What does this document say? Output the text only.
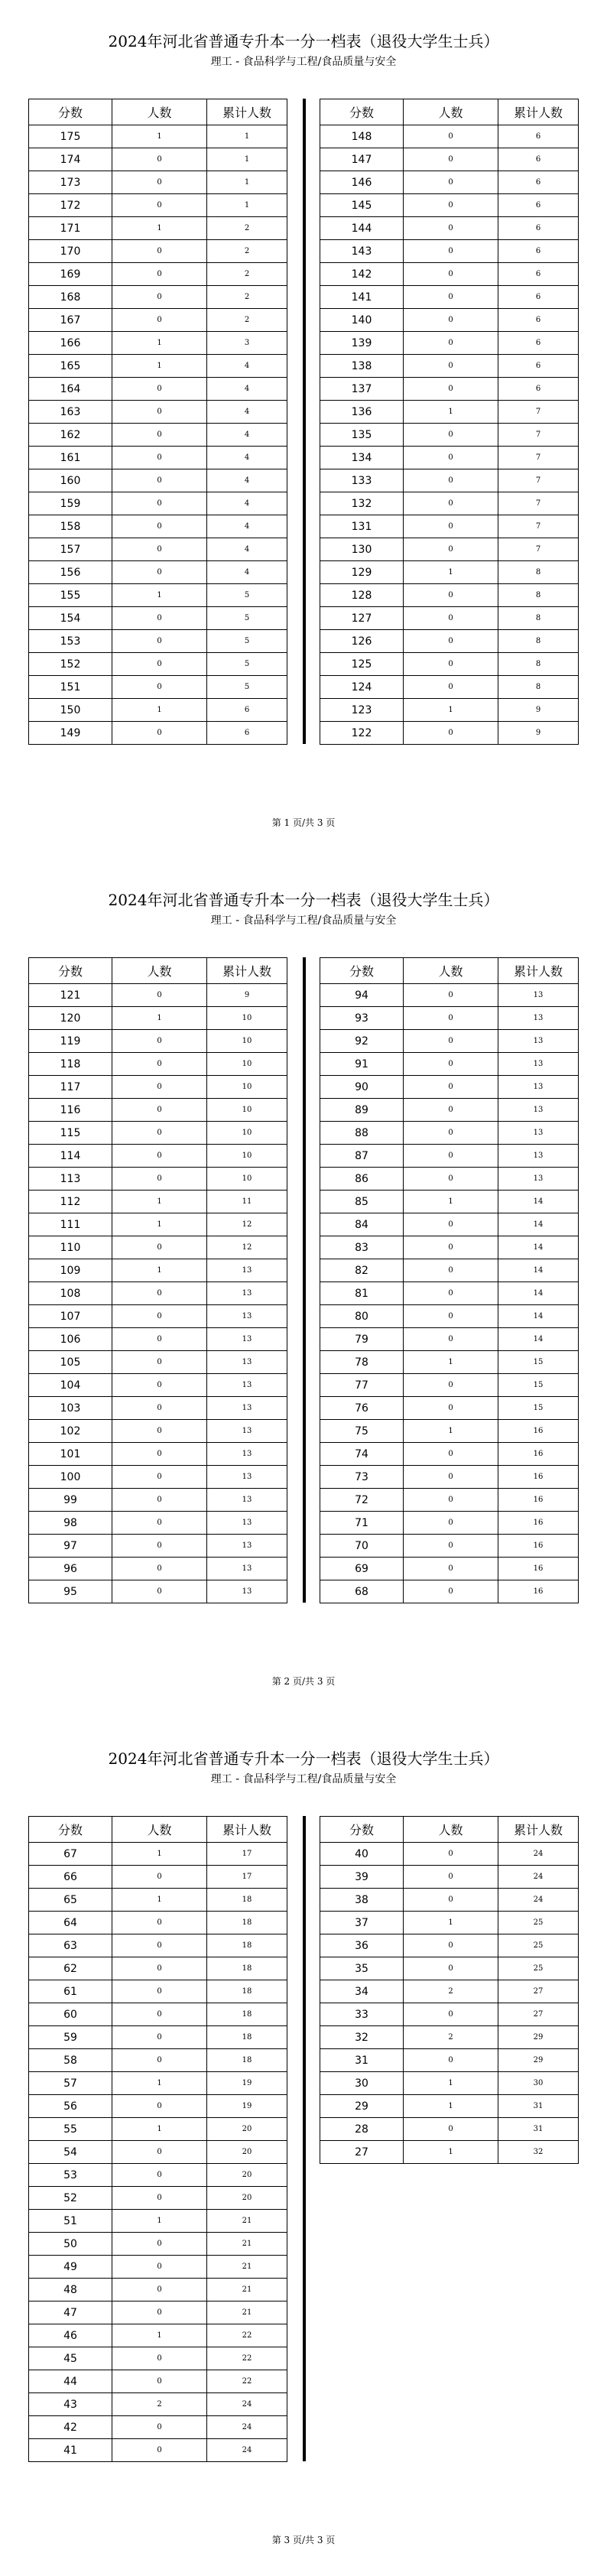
2024年河北省普通专升本一分一档表（退役大学生士兵）
理工 - 食品科学与工程/食品质量与安全
分数	人数	累计人数
175	1	1
174	0	1
173	0	1
172	0	1
171	1	2
170	0	2
169	0	2
168	0	2
167	0	2
166	1	3
165	1	4
164	0	4
163	0	4
162	0	4
161	0	4
160	0	4
159	0	4
158	0	4
157	0	4
156	0	4
155	1	5
154	0	5
153	0	5
152	0	5
151	0	5
150	1	6
149	0	6
分数	人数	累计人数
148	0	6
147	0	6
146	0	6
145	0	6
144	0	6
143	0	6
142	0	6
141	0	6
140	0	6
139	0	6
138	0	6
137	0	6
136	1	7
135	0	7
134	0	7
133	0	7
132	0	7
131	0	7
130	0	7
129	1	8
128	0	8
127	0	8
126	0	8
125	0	8
124	0	8
123	1	9
122	0	9
第 1 页/共 3 页
2024年河北省普通专升本一分一档表（退役大学生士兵）
理工 - 食品科学与工程/食品质量与安全
分数	人数	累计人数
121	0	9
120	1	10
119	0	10
118	0	10
117	0	10
116	0	10
115	0	10
114	0	10
113	0	10
112	1	11
111	1	12
110	0	12
109	1	13
108	0	13
107	0	13
106	0	13
105	0	13
104	0	13
103	0	13
102	0	13
101	0	13
100	0	13
99	0	13
98	0	13
97	0	13
96	0	13
95	0	13
分数	人数	累计人数
94	0	13
93	0	13
92	0	13
91	0	13
90	0	13
89	0	13
88	0	13
87	0	13
86	0	13
85	1	14
84	0	14
83	0	14
82	0	14
81	0	14
80	0	14
79	0	14
78	1	15
77	0	15
76	0	15
75	1	16
74	0	16
73	0	16
72	0	16
71	0	16
70	0	16
69	0	16
68	0	16
第 2 页/共 3 页
2024年河北省普通专升本一分一档表（退役大学生士兵）
理工 - 食品科学与工程/食品质量与安全
分数	人数	累计人数
67	1	17
66	0	17
65	1	18
64	0	18
63	0	18
62	0	18
61	0	18
60	0	18
59	0	18
58	0	18
57	1	19
56	0	19
55	1	20
54	0	20
53	0	20
52	0	20
51	1	21
50	0	21
49	0	21
48	0	21
47	0	21
46	1	22
45	0	22
44	0	22
43	2	24
42	0	24
41	0	24
分数	人数	累计人数
40	0	24
39	0	24
38	0	24
37	1	25
36	0	25
35	0	25
34	2	27
33	0	27
32	2	29
31	0	29
30	1	30
29	1	31
28	0	31
27	1	32
第 3 页/共 3 页
